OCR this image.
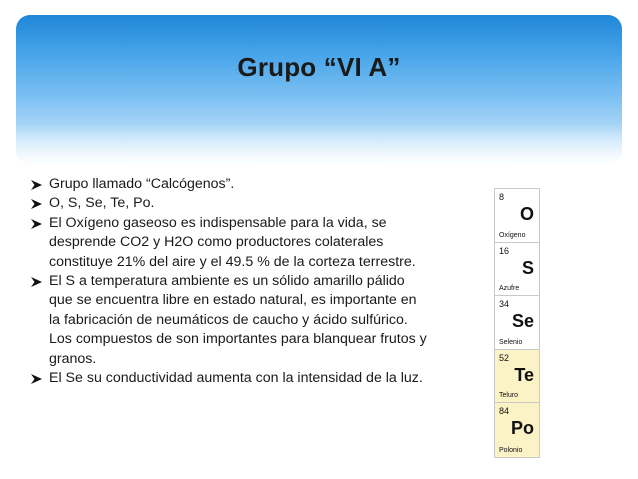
Grupo “VI A”
Grupo llamado “Calcógenos”.
O, S, Se, Te, Po.
El Oxígeno gaseoso es indispensable para la vida, se desprende CO2 y H2O como productores colaterales constituye 21% del aire y el 49.5 % de la corteza terrestre.
El S a temperatura ambiente es un sólido amarillo pálido que se encuentra libre en estado natural, es importante en la fabricación de neumáticos de caucho y ácido sulfúrico. Los compuestos de son importantes para blanquear frutos y granos.
El Se su conductividad aumenta con la intensidad de la luz.
8
O
Oxígeno
16
S
Azufre
34
Se
Selenio
52
Te
Teluro
84
Po
Polonio
